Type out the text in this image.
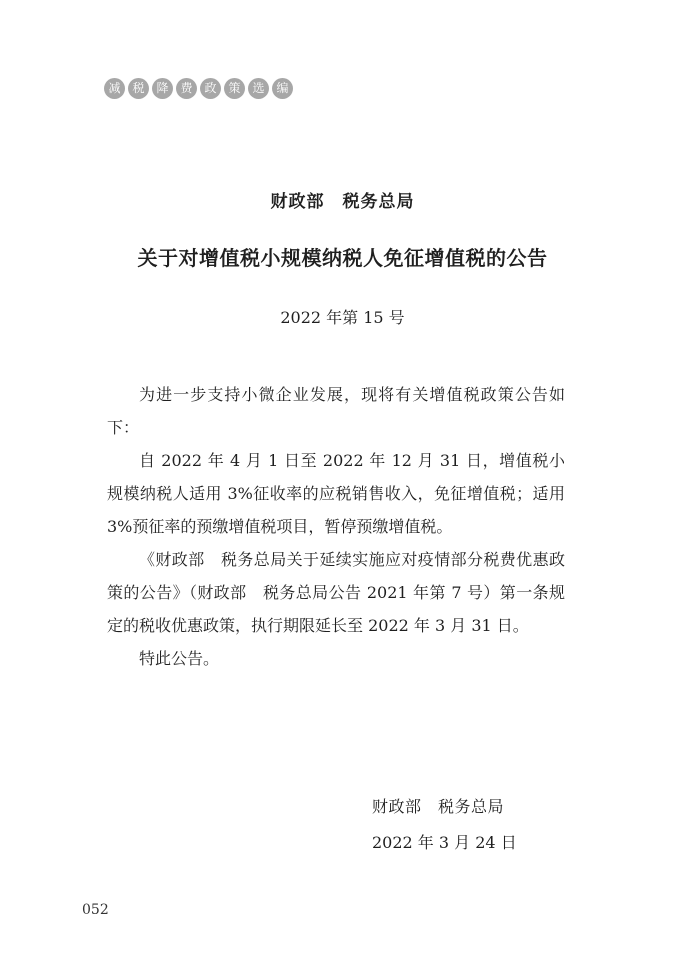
减 税 降 费 政 策 选 编
财政部　税务总局
关于对增值税小规模纳税人免征增值税的公告
2022 年第 15 号

为进一步支持小微企业发展，现将有关增值税政策公告如下：

自 2022 年 4 月 1 日至 2022 年 12 月 31 日，增值税小规模纳税人适用 3%征收率的应税销售收入，免征增值税；适用 3%预征率的预缴增值税项目，暂停预缴增值税。

《财政部　税务总局关于延续实施应对疫情部分税费优惠政策的公告》（财政部　税务总局公告 2021 年第 7 号）第一条规定的税收优惠政策，执行期限延长至 2022 年 3 月 31 日。

特此公告。

财政部　税务总局
2022 年 3 月 24 日
052
